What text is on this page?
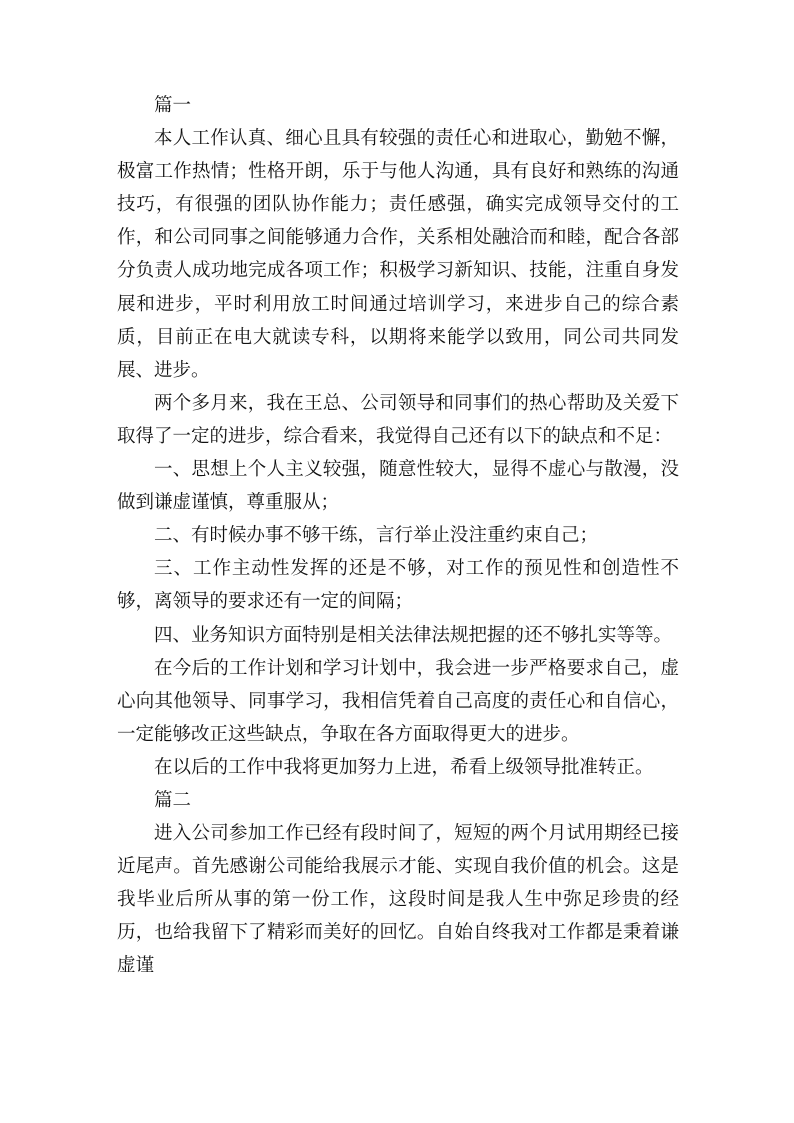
篇一

本人工作认真、细心且具有较强的责任心和进取心，勤勉不懈，极富工作热情；性格开朗，乐于与他人沟通，具有良好和熟练的沟通技巧，有很强的团队协作能力；责任感强，确实完成领导交付的工作，和公司同事之间能够通力合作，关系相处融洽而和睦，配合各部分负责人成功地完成各项工作；积极学习新知识、技能，注重自身发展和进步，平时利用放工时间通过培训学习，来进步自己的综合素质，目前正在电大就读专科，以期将来能学以致用，同公司共同发展、进步。

两个多月来，我在王总、公司领导和同事们的热心帮助及关爱下取得了一定的进步，综合看来，我觉得自己还有以下的缺点和不足：

一、思想上个人主义较强，随意性较大，显得不虚心与散漫，没做到谦虚谨慎，尊重服从；

二、有时候办事不够干练，言行举止没注重约束自己；

三、工作主动性发挥的还是不够，对工作的预见性和创造性不够，离领导的要求还有一定的间隔；

四、业务知识方面特别是相关法律法规把握的还不够扎实等等。

在今后的工作计划和学习计划中，我会进一步严格要求自己，虚心向其他领导、同事学习，我相信凭着自己高度的责任心和自信心，一定能够改正这些缺点，争取在各方面取得更大的进步。

在以后的工作中我将更加努力上进，希看上级领导批准转正。

篇二

进入公司参加工作已经有段时间了，短短的两个月试用期经已接近尾声。首先感谢公司能给我展示才能、实现自我价值的机会。这是我毕业后所从事的第一份工作，这段时间是我人生中弥足珍贵的经历，也给我留下了精彩而美好的回忆。自始自终我对工作都是秉着谦虚谨
